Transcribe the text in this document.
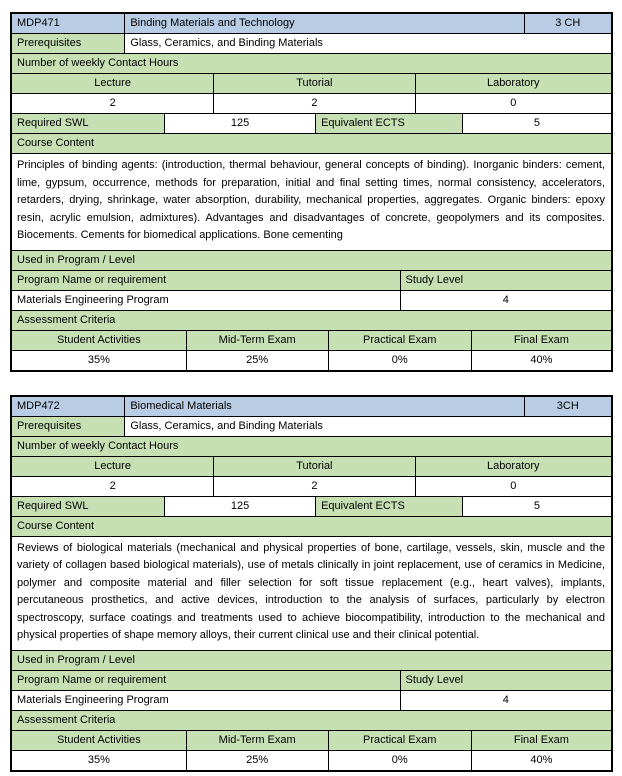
MDP471	Binding Materials and Technology	3 CH
Prerequisites	Glass, Ceramics, and Binding Materials
Number of weekly Contact Hours
Lecture	Tutorial	Laboratory
2	2	0
Required SWL	125	Equivalent ECTS	5
Course Content
Principles of binding agents: (introduction, thermal behaviour, general concepts of binding). Inorganic binders: cement, lime, gypsum, occurrence, methods for preparation, initial and final setting times, normal consistency, accelerators, retarders, drying, shrinkage, water absorption, durability, mechanical properties, aggregates. Organic binders: epoxy resin, acrylic emulsion, admixtures). Advantages and disadvantages of concrete, geopolymers and its composites. Biocements. Cements for biomedical applications. Bone cementing
Used in Program / Level
Program Name or requirement	Study Level
Materials Engineering Program	4
Assessment Criteria
Student Activities	Mid-Term Exam	Practical Exam	Final Exam
35%	25%	0%	40%
MDP472	Biomedical Materials	3CH
Prerequisites	Glass, Ceramics, and Binding Materials
Number of weekly Contact Hours
Lecture	Tutorial	Laboratory
2	2	0
Required SWL	125	Equivalent ECTS	5
Course Content
Reviews of biological materials (mechanical and physical properties of bone, cartilage, vessels, skin, muscle and the variety of collagen based biological materials), use of metals clinically in joint replacement, use of ceramics in Medicine, polymer and composite material and filler selection for soft tissue replacement (e.g., heart valves), implants, percutaneous prosthetics, and active devices, introduction to the analysis of surfaces, particularly by electron spectroscopy, surface coatings and treatments used to achieve biocompatibility, introduction to the mechanical and physical properties of shape memory alloys, their current clinical use and their clinical potential.
Used in Program / Level
Program Name or requirement	Study Level
Materials Engineering Program	4
Assessment Criteria
Student Activities	Mid-Term Exam	Practical Exam	Final Exam
35%	25%	0%	40%
